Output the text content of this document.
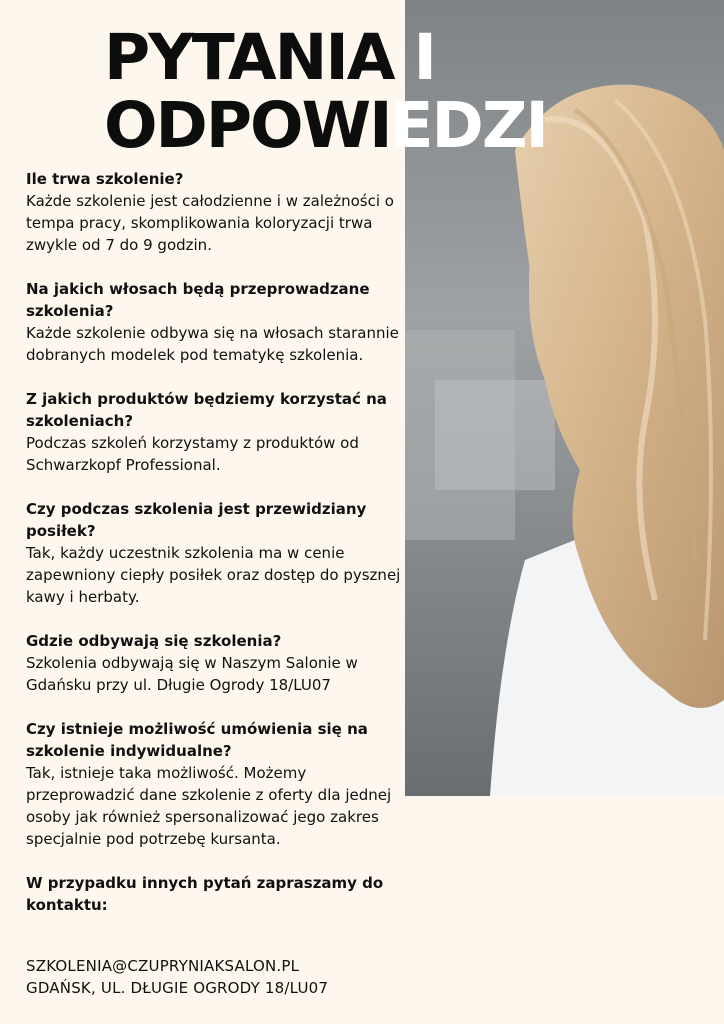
PYTANIA I
ODPOWIEDZI
Ile trwa szkolenie?
Każde szkolenie jest całodzienne i w zależności o tempa pracy, skomplikowania koloryzacji trwa zwykle od 7 do 9 godzin.
Na jakich włosach będą przeprowadzane szkolenia?
Każde szkolenie odbywa się na włosach starannie dobranych modelek pod tematykę szkolenia.
Z jakich produktów będziemy korzystać na szkoleniach?
Podczas szkoleń korzystamy z produktów od Schwarzkopf Professional.
Czy podczas szkolenia jest przewidziany posiłek?
Tak, każdy uczestnik szkolenia ma w cenie zapewniony ciepły posiłek oraz dostęp do pysznej kawy i herbaty.
Gdzie odbywają się szkolenia?
Szkolenia odbywają się w Naszym Salonie w Gdańsku przy ul. Długie Ogrody 18/LU07
Czy istnieje możliwość umówienia się na szkolenie indywidualne?
Tak, istnieje taka możliwość. Możemy przeprowadzić dane szkolenie z oferty dla jednej osoby jak również spersonalizować jego zakres specjalnie pod potrzebę kursanta.
W przypadku innych pytań zapraszamy do kontaktu:
SZKOLENIA@CZUPRYNIAKSALON.PL
GDAŃSK, UL. DŁUGIE OGRODY 18/LU07
